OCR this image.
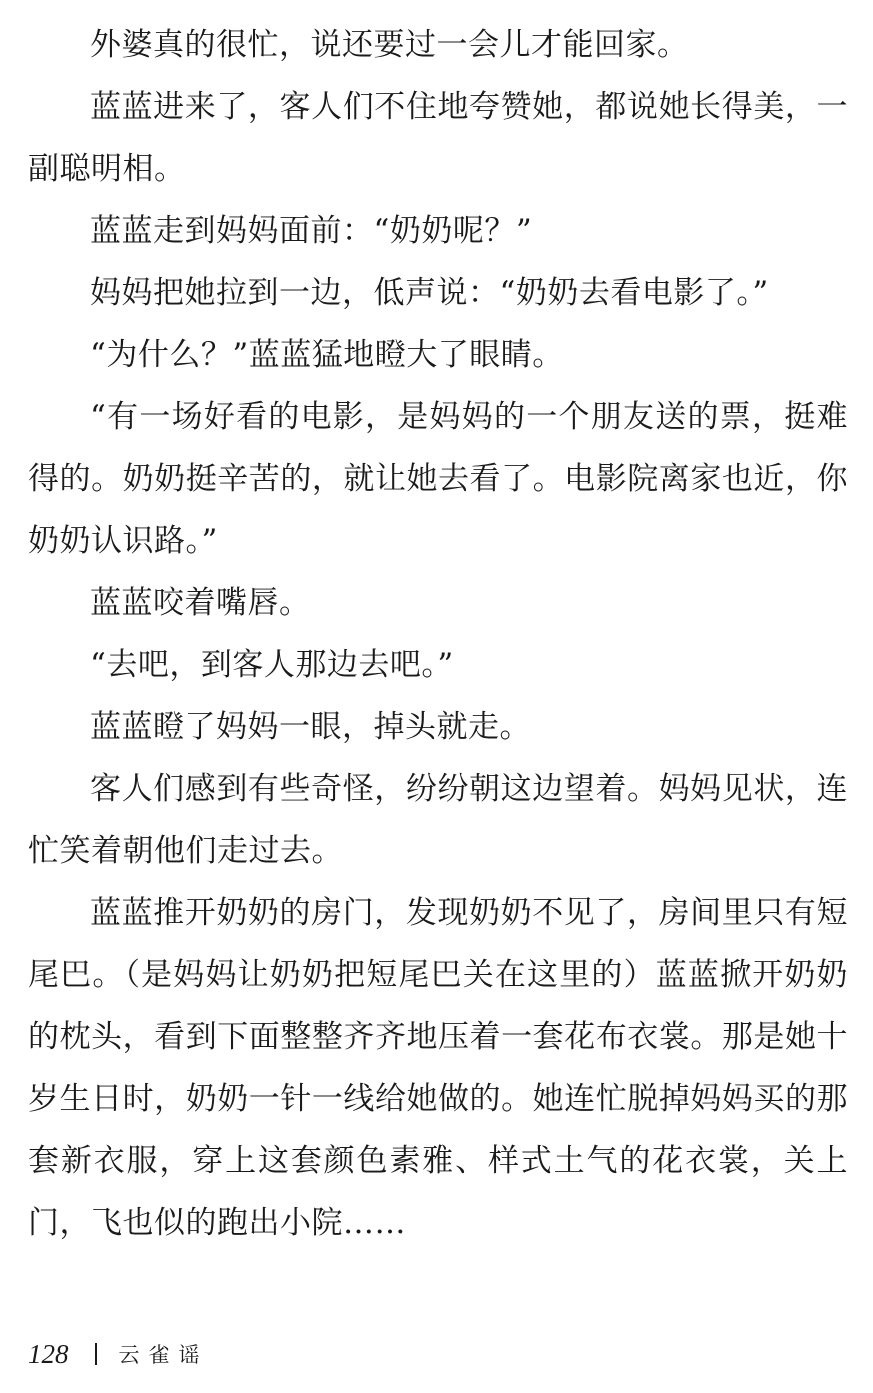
外婆真的很忙，说还要过一会儿才能回家。

蓝蓝进来了，客人们不住地夸赞她，都说她长得美，一副聪明相。

蓝蓝走到妈妈面前：“奶奶呢？”

妈妈把她拉到一边，低声说：“奶奶去看电影了。”

“为什么？”蓝蓝猛地瞪大了眼睛。

“有一场好看的电影，是妈妈的一个朋友送的票，挺难得的。奶奶挺辛苦的，就让她去看了。电影院离家也近，你奶奶认识路。”

蓝蓝咬着嘴唇。

“去吧，到客人那边去吧。”

蓝蓝瞪了妈妈一眼，掉头就走。

客人们感到有些奇怪，纷纷朝这边望着。妈妈见状，连忙笑着朝他们走过去。

蓝蓝推开奶奶的房门，发现奶奶不见了，房间里只有短尾巴。（是妈妈让奶奶把短尾巴关在这里的）蓝蓝掀开奶奶的枕头，看到下面整整齐齐地压着一套花布衣裳。那是她十岁生日时，奶奶一针一线给她做的。她连忙脱掉妈妈买的那套新衣服，穿上这套颜色素雅、样式土气的花衣裳，关上门，飞也似的跑出小院……

128 云雀谣
